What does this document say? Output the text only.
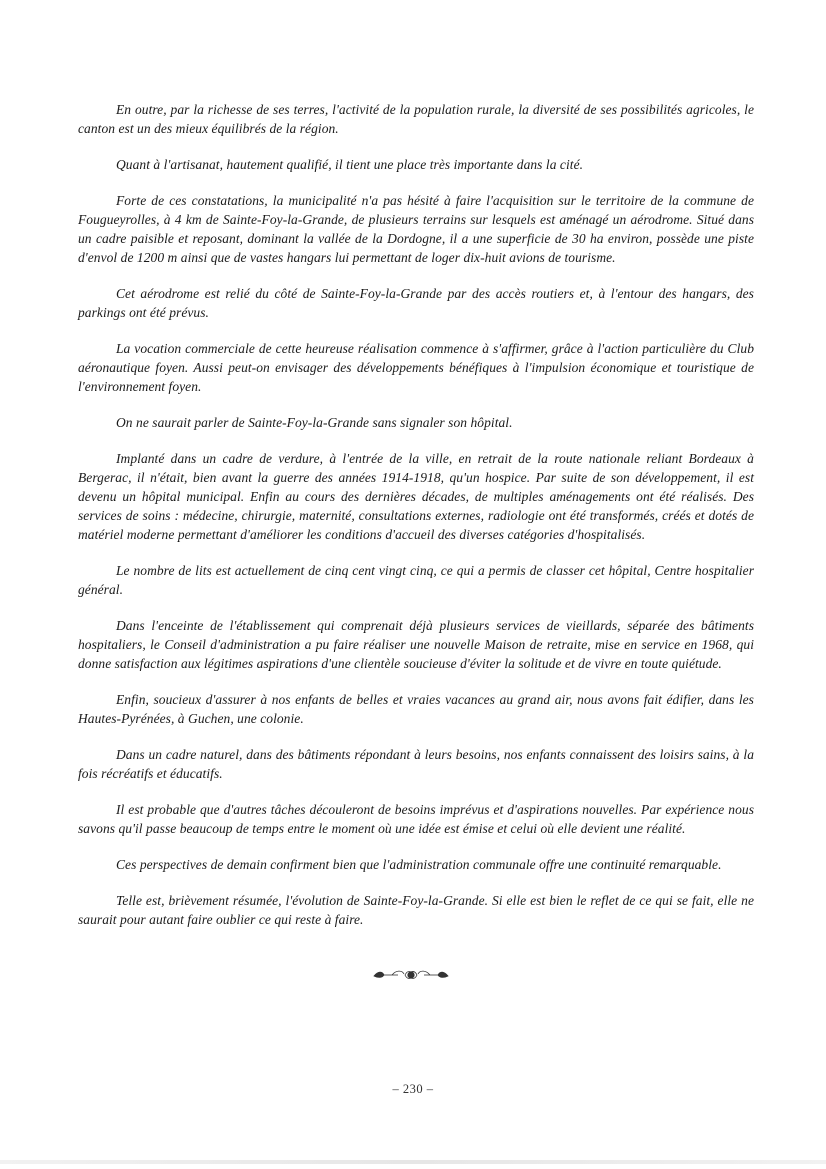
En outre, par la richesse de ses terres, l'activité de la population rurale, la diversité de ses possibilités agricoles, le canton est un des mieux équilibrés de la région.

Quant à l'artisanat, hautement qualifié, il tient une place très importante dans la cité.

Forte de ces constatations, la municipalité n'a pas hésité à faire l'acquisition sur le territoire de la commune de Fougueyrolles, à 4 km de Sainte-Foy-la-Grande, de plusieurs terrains sur lesquels est aménagé un aérodrome. Situé dans un cadre paisible et reposant, dominant la vallée de la Dordogne, il a une superficie de 30 ha environ, possède une piste d'envol de 1200 m ainsi que de vastes hangars lui permettant de loger dix-huit avions de tourisme.

Cet aérodrome est relié du côté de Sainte-Foy-la-Grande par des accès routiers et, à l'entour des hangars, des parkings ont été prévus.

La vocation commerciale de cette heureuse réalisation commence à s'affirmer, grâce à l'action particulière du Club aéronautique foyen. Aussi peut-on envisager des développements bénéfiques à l'impulsion économique et touristique de l'environnement foyen.

On ne saurait parler de Sainte-Foy-la-Grande sans signaler son hôpital.

Implanté dans un cadre de verdure, à l'entrée de la ville, en retrait de la route nationale reliant Bordeaux à Bergerac, il n'était, bien avant la guerre des années 1914-1918, qu'un hospice. Par suite de son développement, il est devenu un hôpital municipal. Enfin au cours des dernières décades, de multiples aménagements ont été réalisés. Des services de soins : médecine, chirurgie, maternité, consultations externes, radiologie ont été transformés, créés et dotés de matériel moderne permettant d'améliorer les conditions d'accueil des diverses catégories d'hospitalisés.

Le nombre de lits est actuellement de cinq cent vingt cinq, ce qui a permis de classer cet hôpital, Centre hospitalier général.

Dans l'enceinte de l'établissement qui comprenait déjà plusieurs services de vieillards, séparée des bâtiments hospitaliers, le Conseil d'administration a pu faire réaliser une nouvelle Maison de retraite, mise en service en 1968, qui donne satisfaction aux légitimes aspirations d'une clientèle soucieuse d'éviter la solitude et de vivre en toute quiétude.

Enfin, soucieux d'assurer à nos enfants de belles et vraies vacances au grand air, nous avons fait édifier, dans les Hautes-Pyrénées, à Guchen, une colonie.

Dans un cadre naturel, dans des bâtiments répondant à leurs besoins, nos enfants connaissent des loisirs sains, à la fois récréatifs et éducatifs.

Il est probable que d'autres tâches découleront de besoins imprévus et d'aspirations nouvelles. Par expérience nous savons qu'il passe beaucoup de temps entre le moment où une idée est émise et celui où elle devient une réalité.

Ces perspectives de demain confirment bien que l'administration communale offre une continuité remarquable.

Telle est, brièvement résumée, l'évolution de Sainte-Foy-la-Grande. Si elle est bien le reflet de ce qui se fait, elle ne saurait pour autant faire oublier ce qui reste à faire.

– 230 –
